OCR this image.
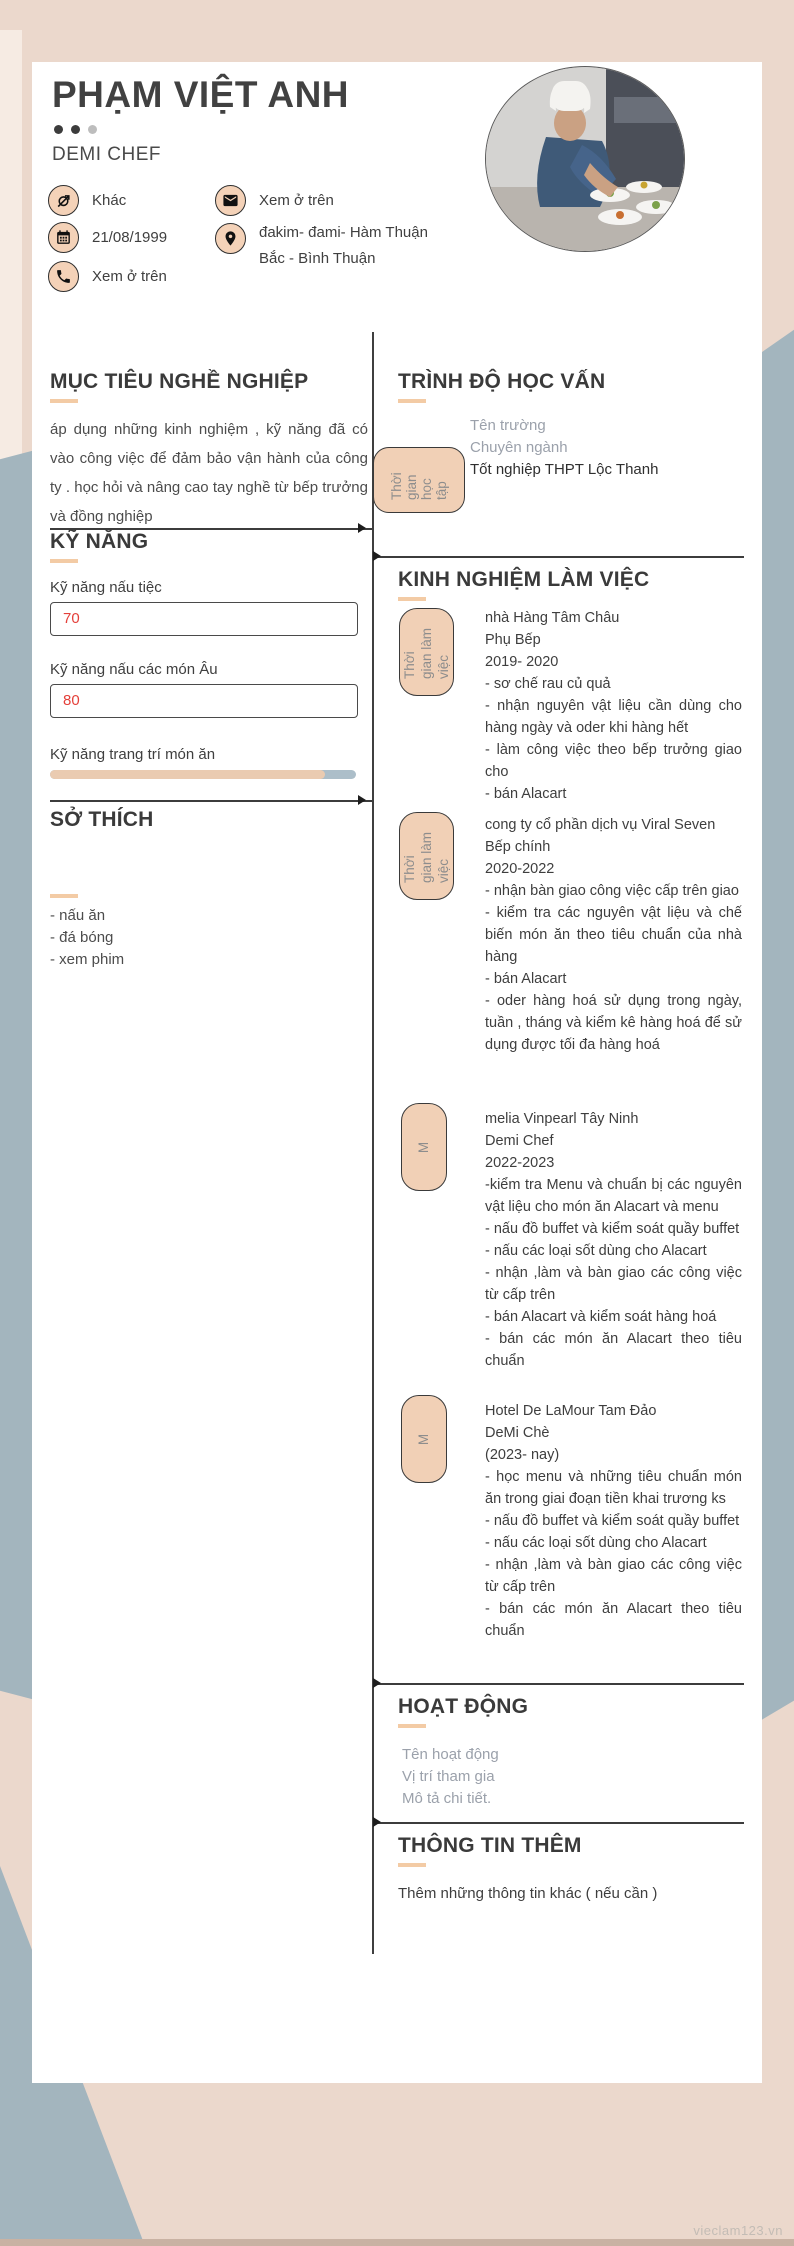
vieclam123.vn
PHẠM VIỆT ANH
DEMI CHEF
Khác
21/08/1999
Xem ở trên
Xem ở trên
đakim- đami- Hàm Thuận Bắc - Bình Thuận
MỤC TIÊU NGHỀ NGHIỆP
áp dụng những kinh nghiệm , kỹ năng đã có vào công việc để đảm bảo vận hành của công ty . học hỏi và nâng cao tay nghề từ bếp trưởng và đồng nghiệp
KỸ NĂNG
Kỹ năng nấu tiệc
70
Kỹ năng nấu các món Âu
80
Kỹ năng trang trí món ăn
SỞ THÍCH
- nấu ăn
- đá bóng
- xem phim
TRÌNH ĐỘ HỌC VẤN
Thời gian học tập
Tên trường
Chuyên ngành
Tốt nghiệp THPT Lộc Thanh
KINH NGHIỆM LÀM VIỆC
Thời gian làm việc
nhà Hàng Tâm Châu
Phụ Bếp
2019- 2020
- sơ chế rau củ quả
- nhận nguyên vật liệu cần dùng cho hàng ngày và oder khi hàng hết
- làm công việc theo bếp trưởng giao cho
- bán Alacart
Thời gian làm việc
cong ty cổ phần dịch vụ Viral Seven
Bếp chính
2020-2022
- nhận bàn giao công việc cấp trên giao
- kiểm tra các nguyên vật liệu và chế biến món ăn theo tiêu chuẩn của nhà hàng
- bán Alacart
- oder hàng hoá sử dụng trong ngày, tuần , tháng và kiểm kê hàng hoá để sử dụng được tối đa hàng hoá
M
melia Vinpearl Tây Ninh
Demi Chef
2022-2023
-kiểm tra Menu và chuẩn bị các nguyên vật liệu cho món ăn Alacart và menu
- nấu đồ buffet và kiểm soát quầy buffet
- nấu các loại sốt dùng cho Alacart
- nhận ,làm và bàn giao các công việc từ cấp trên
- bán Alacart và kiểm soát hàng hoá
- bán các món ăn Alacart theo tiêu chuẩn
M
Hotel De LaMour Tam Đảo
DeMi Chè
(2023- nay)
- học menu và những tiêu chuẩn món ăn trong giai đoạn tiền khai trương ks
- nấu đồ buffet và kiểm soát quầy buffet
- nấu các loại sốt dùng cho Alacart
- nhận ,làm và bàn giao các công việc từ cấp trên
- bán các món ăn Alacart theo tiêu chuẩn
HOẠT ĐỘNG
Tên hoạt động
Vị trí tham gia
Mô tả chi tiết.
THÔNG TIN THÊM
Thêm những thông tin khác ( nếu cần )
